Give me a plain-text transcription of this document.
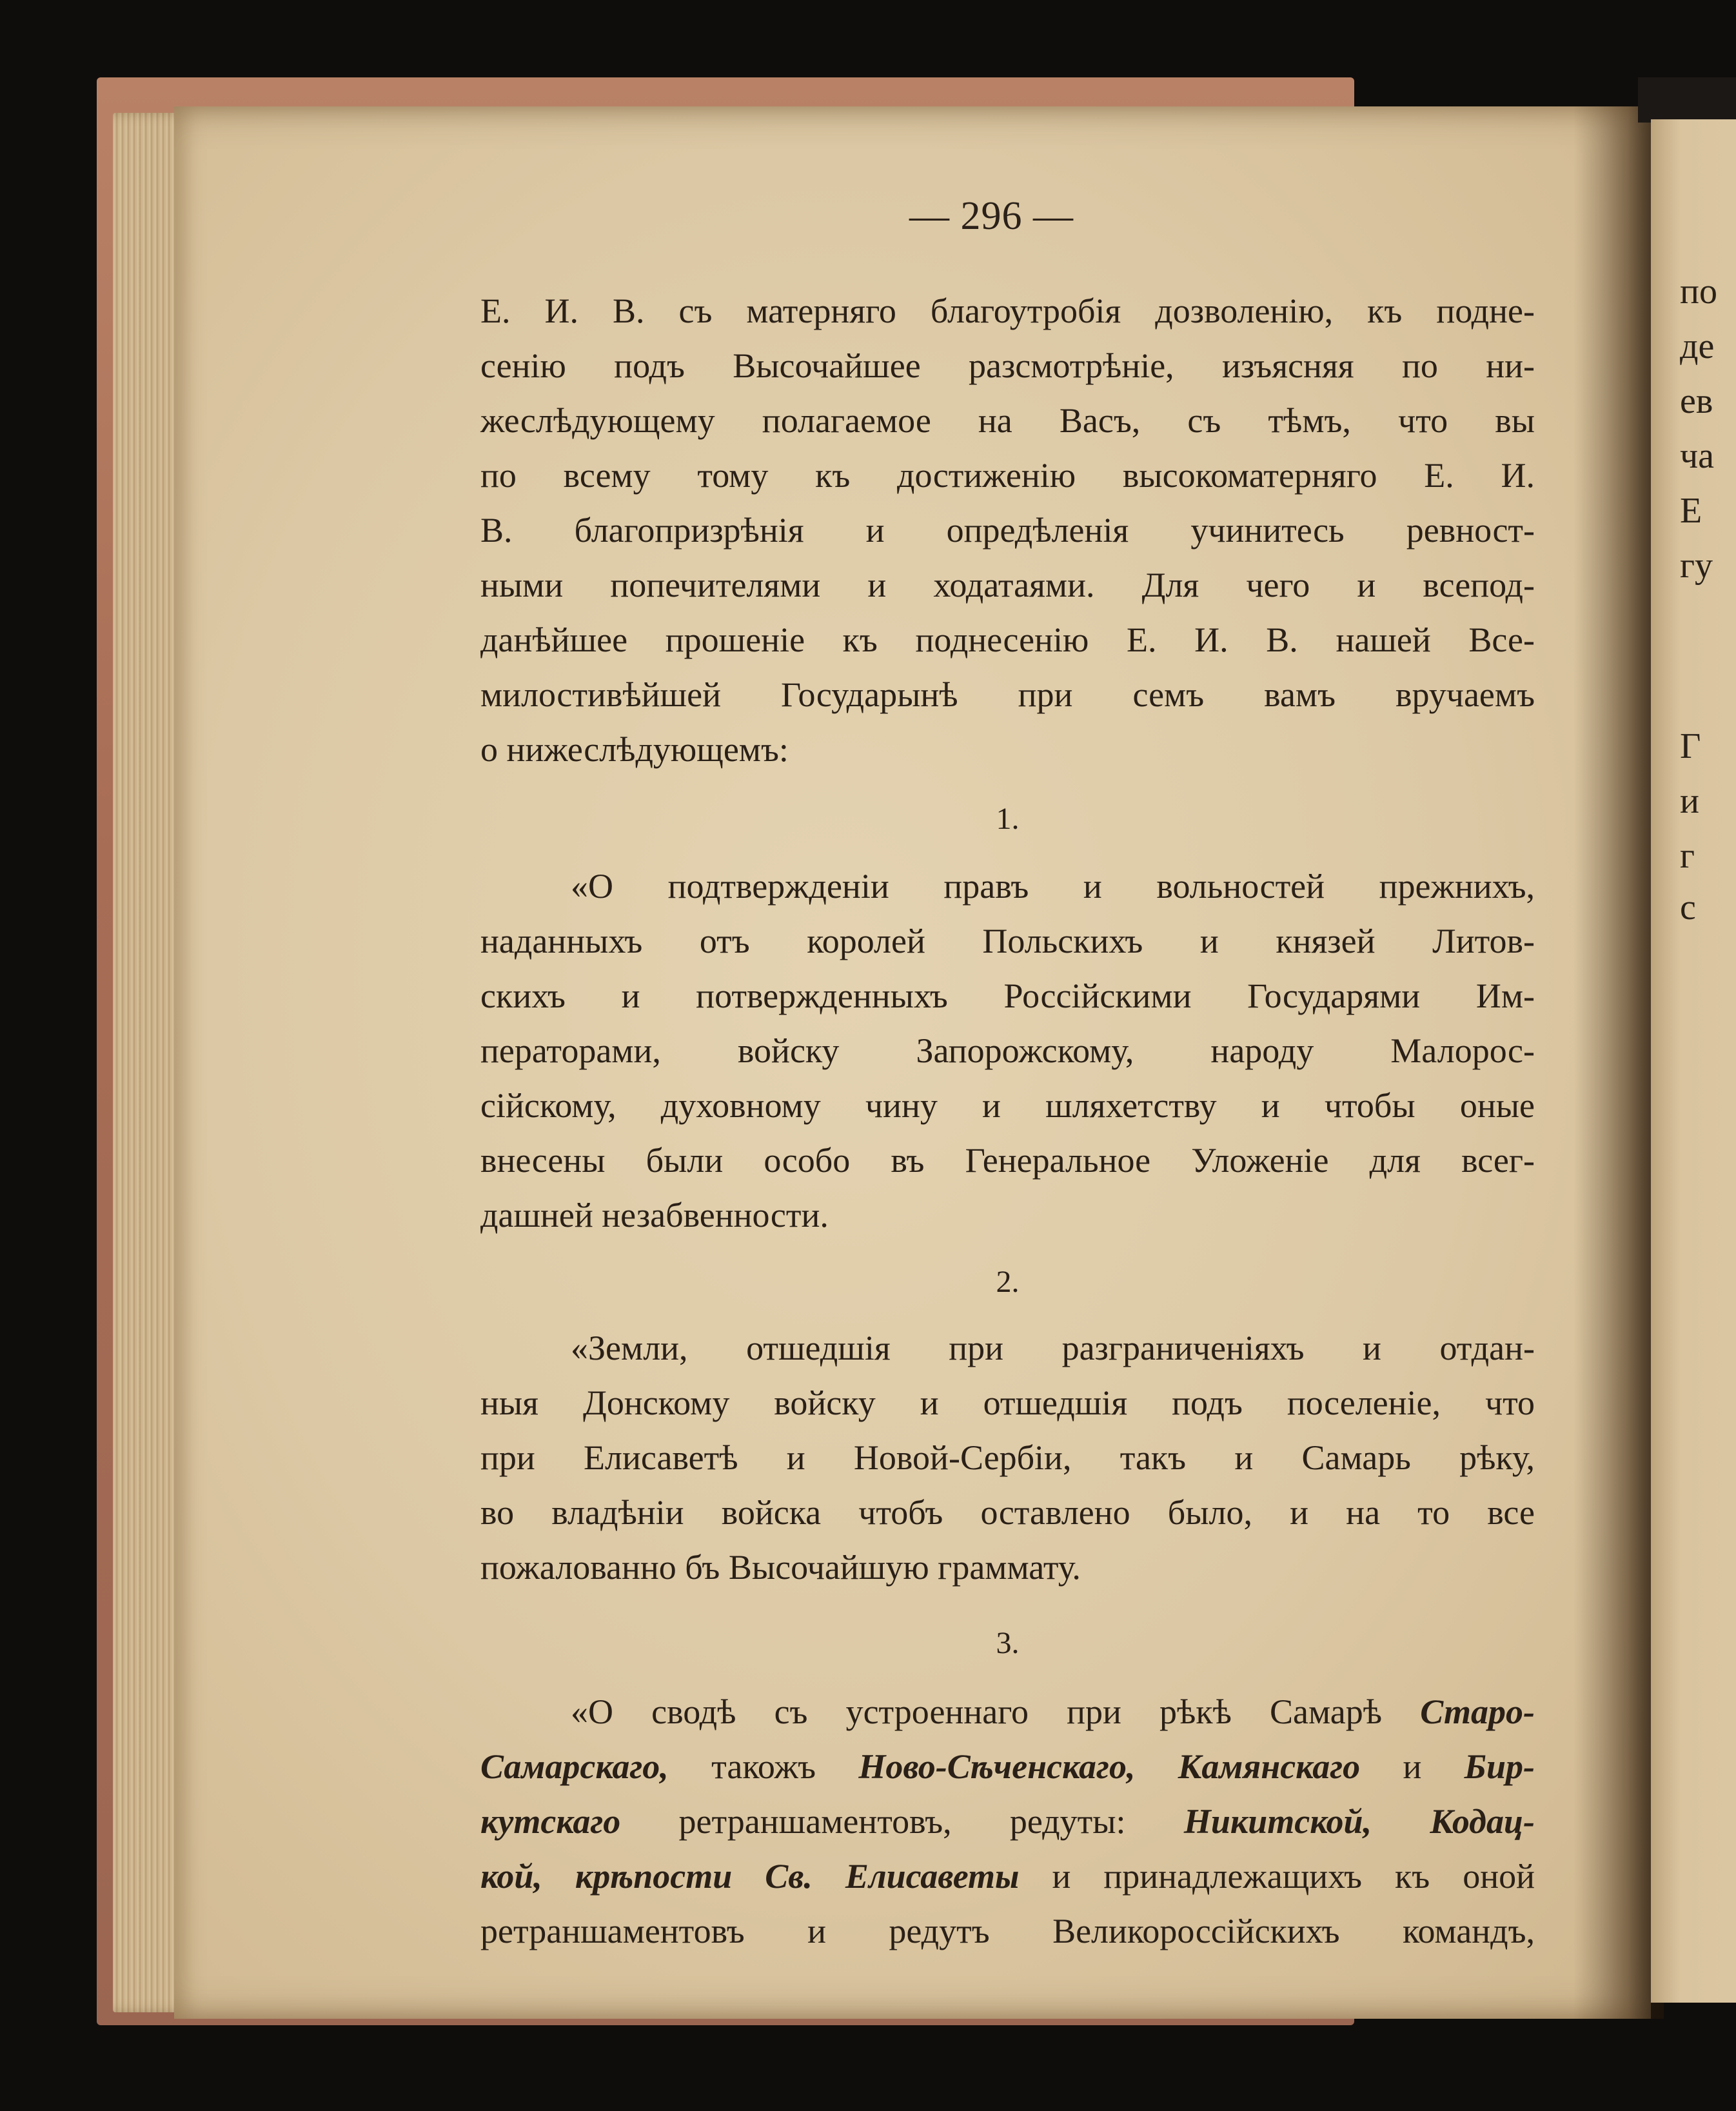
по
де
ев
ча
Е
гу
Г
и
г
с
— 296 —

Е. И. В. съ матерняго благоутробія дозволенію, къ подне-

сенію подъ Высочайшее разсмотрѣніе, изъясняя по ни-

жеслѣдующему полагаемое на Васъ, съ тѣмъ, что вы

по всему тому къ достиженію высокоматерняго Е. И.

В. благопризрѣнія и опредѣленія учинитесь ревност-

ными попечителями и ходатаями. Для чего и всепод-

данѣйшее прошеніе къ поднесенію Е. И. В. нашей Все-

милостивѣйшей Государынѣ при семъ вамъ вручаемъ

о нижеслѣдующемъ:

1.

«О подтвержденіи правъ и вольностей прежнихъ,

наданныхъ отъ королей Польскихъ и князей Литов-

скихъ и потвержденныхъ Россійскими Государями Им-

ператорами, войску Запорожскому, народу Малорос-

сійскому, духовному чину и шляхетству и чтобы оные

внесены были особо въ Генеральное Уложеніе для всег-

дашней незабвенности.

2.

«Земли, отшедшія при разграниченіяхъ и отдан-

ныя Донскому войску и отшедшія подъ поселеніе, что

при Елисаветѣ и Новой-Сербіи, такъ и Самарь рѣку,

во владѣніи войска чтобъ оставлено было, и на то все

пожалованно бъ Высочайшую граммату.

3.

«О сводѣ съ устроеннаго при рѣкѣ Самарѣ Старо-

Самарскаго, такожъ Ново-Сѣченскаго, Камянскаго и Бир-

кутскаго ретраншаментовъ, редуты: Никитской, Кодац-

кой, крѣпости Св. Елисаветы и принадлежащихъ къ оной

ретраншаментовъ и редутъ Великороссійскихъ командъ,
